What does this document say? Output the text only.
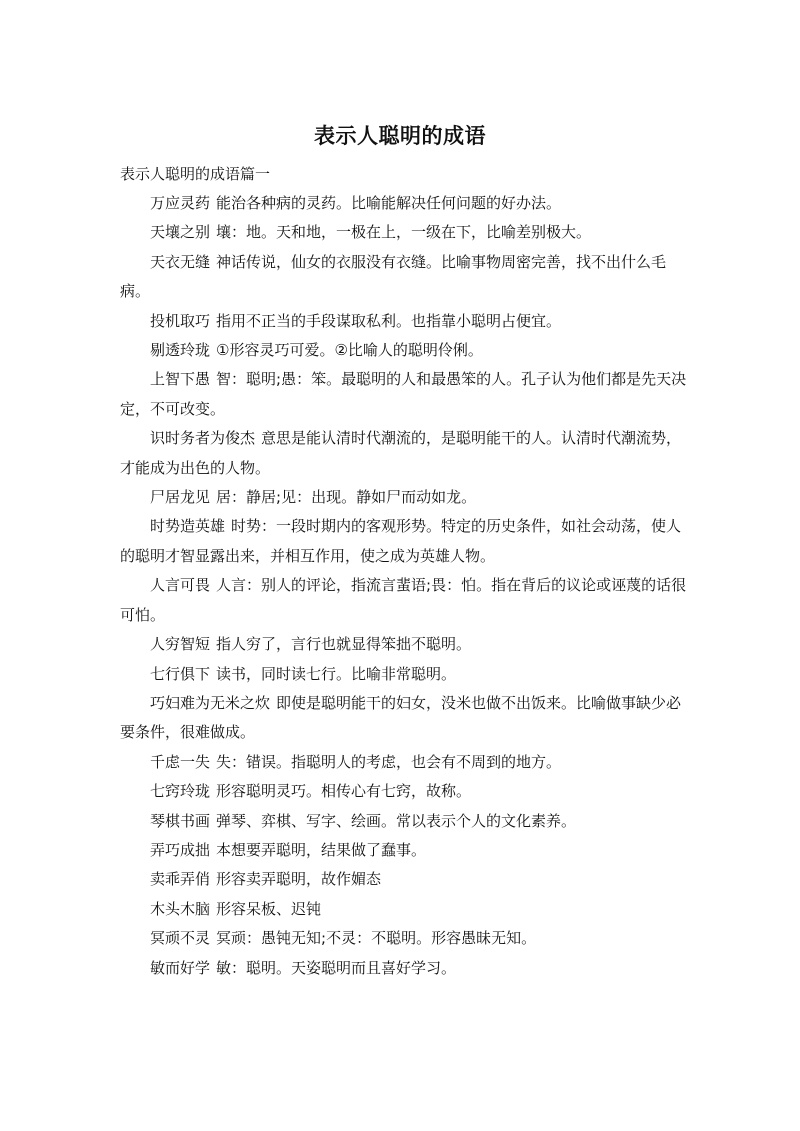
表示人聪明的成语

表示人聪明的成语篇一

万应灵药 能治各种病的灵药。比喻能解决任何问题的好办法。

天壤之别 壤：地。天和地，一极在上，一级在下，比喻差别极大。

天衣无缝 神话传说，仙女的衣服没有衣缝。比喻事物周密完善，找不出什么毛病。

投机取巧 指用不正当的手段谋取私利。也指靠小聪明占便宜。

剔透玲珑 ①形容灵巧可爱。②比喻人的聪明伶俐。

上智下愚 智：聪明;愚：笨。最聪明的人和最愚笨的人。孔子认为他们都是先天决定，不可改变。

识时务者为俊杰 意思是能认清时代潮流的，是聪明能干的人。认清时代潮流势，才能成为出色的人物。

尸居龙见 居：静居;见：出现。静如尸而动如龙。

时势造英雄 时势：一段时期内的客观形势。特定的历史条件，如社会动荡，使人的聪明才智显露出来，并相互作用，使之成为英雄人物。

人言可畏 人言：别人的评论，指流言蜚语;畏：怕。指在背后的议论或诬蔑的话很可怕。

人穷智短 指人穷了，言行也就显得笨拙不聪明。

七行俱下 读书，同时读七行。比喻非常聪明。

巧妇难为无米之炊 即使是聪明能干的妇女，没米也做不出饭来。比喻做事缺少必要条件，很难做成。

千虑一失 失：错误。指聪明人的考虑，也会有不周到的地方。

七窍玲珑 形容聪明灵巧。相传心有七窍，故称。

琴棋书画 弹琴、弈棋、写字、绘画。常以表示个人的文化素养。

弄巧成拙 本想要弄聪明，结果做了蠢事。

卖乖弄俏 形容卖弄聪明，故作媚态

木头木脑 形容呆板、迟钝

冥顽不灵 冥顽：愚钝无知;不灵：不聪明。形容愚昧无知。

敏而好学 敏：聪明。天姿聪明而且喜好学习。
